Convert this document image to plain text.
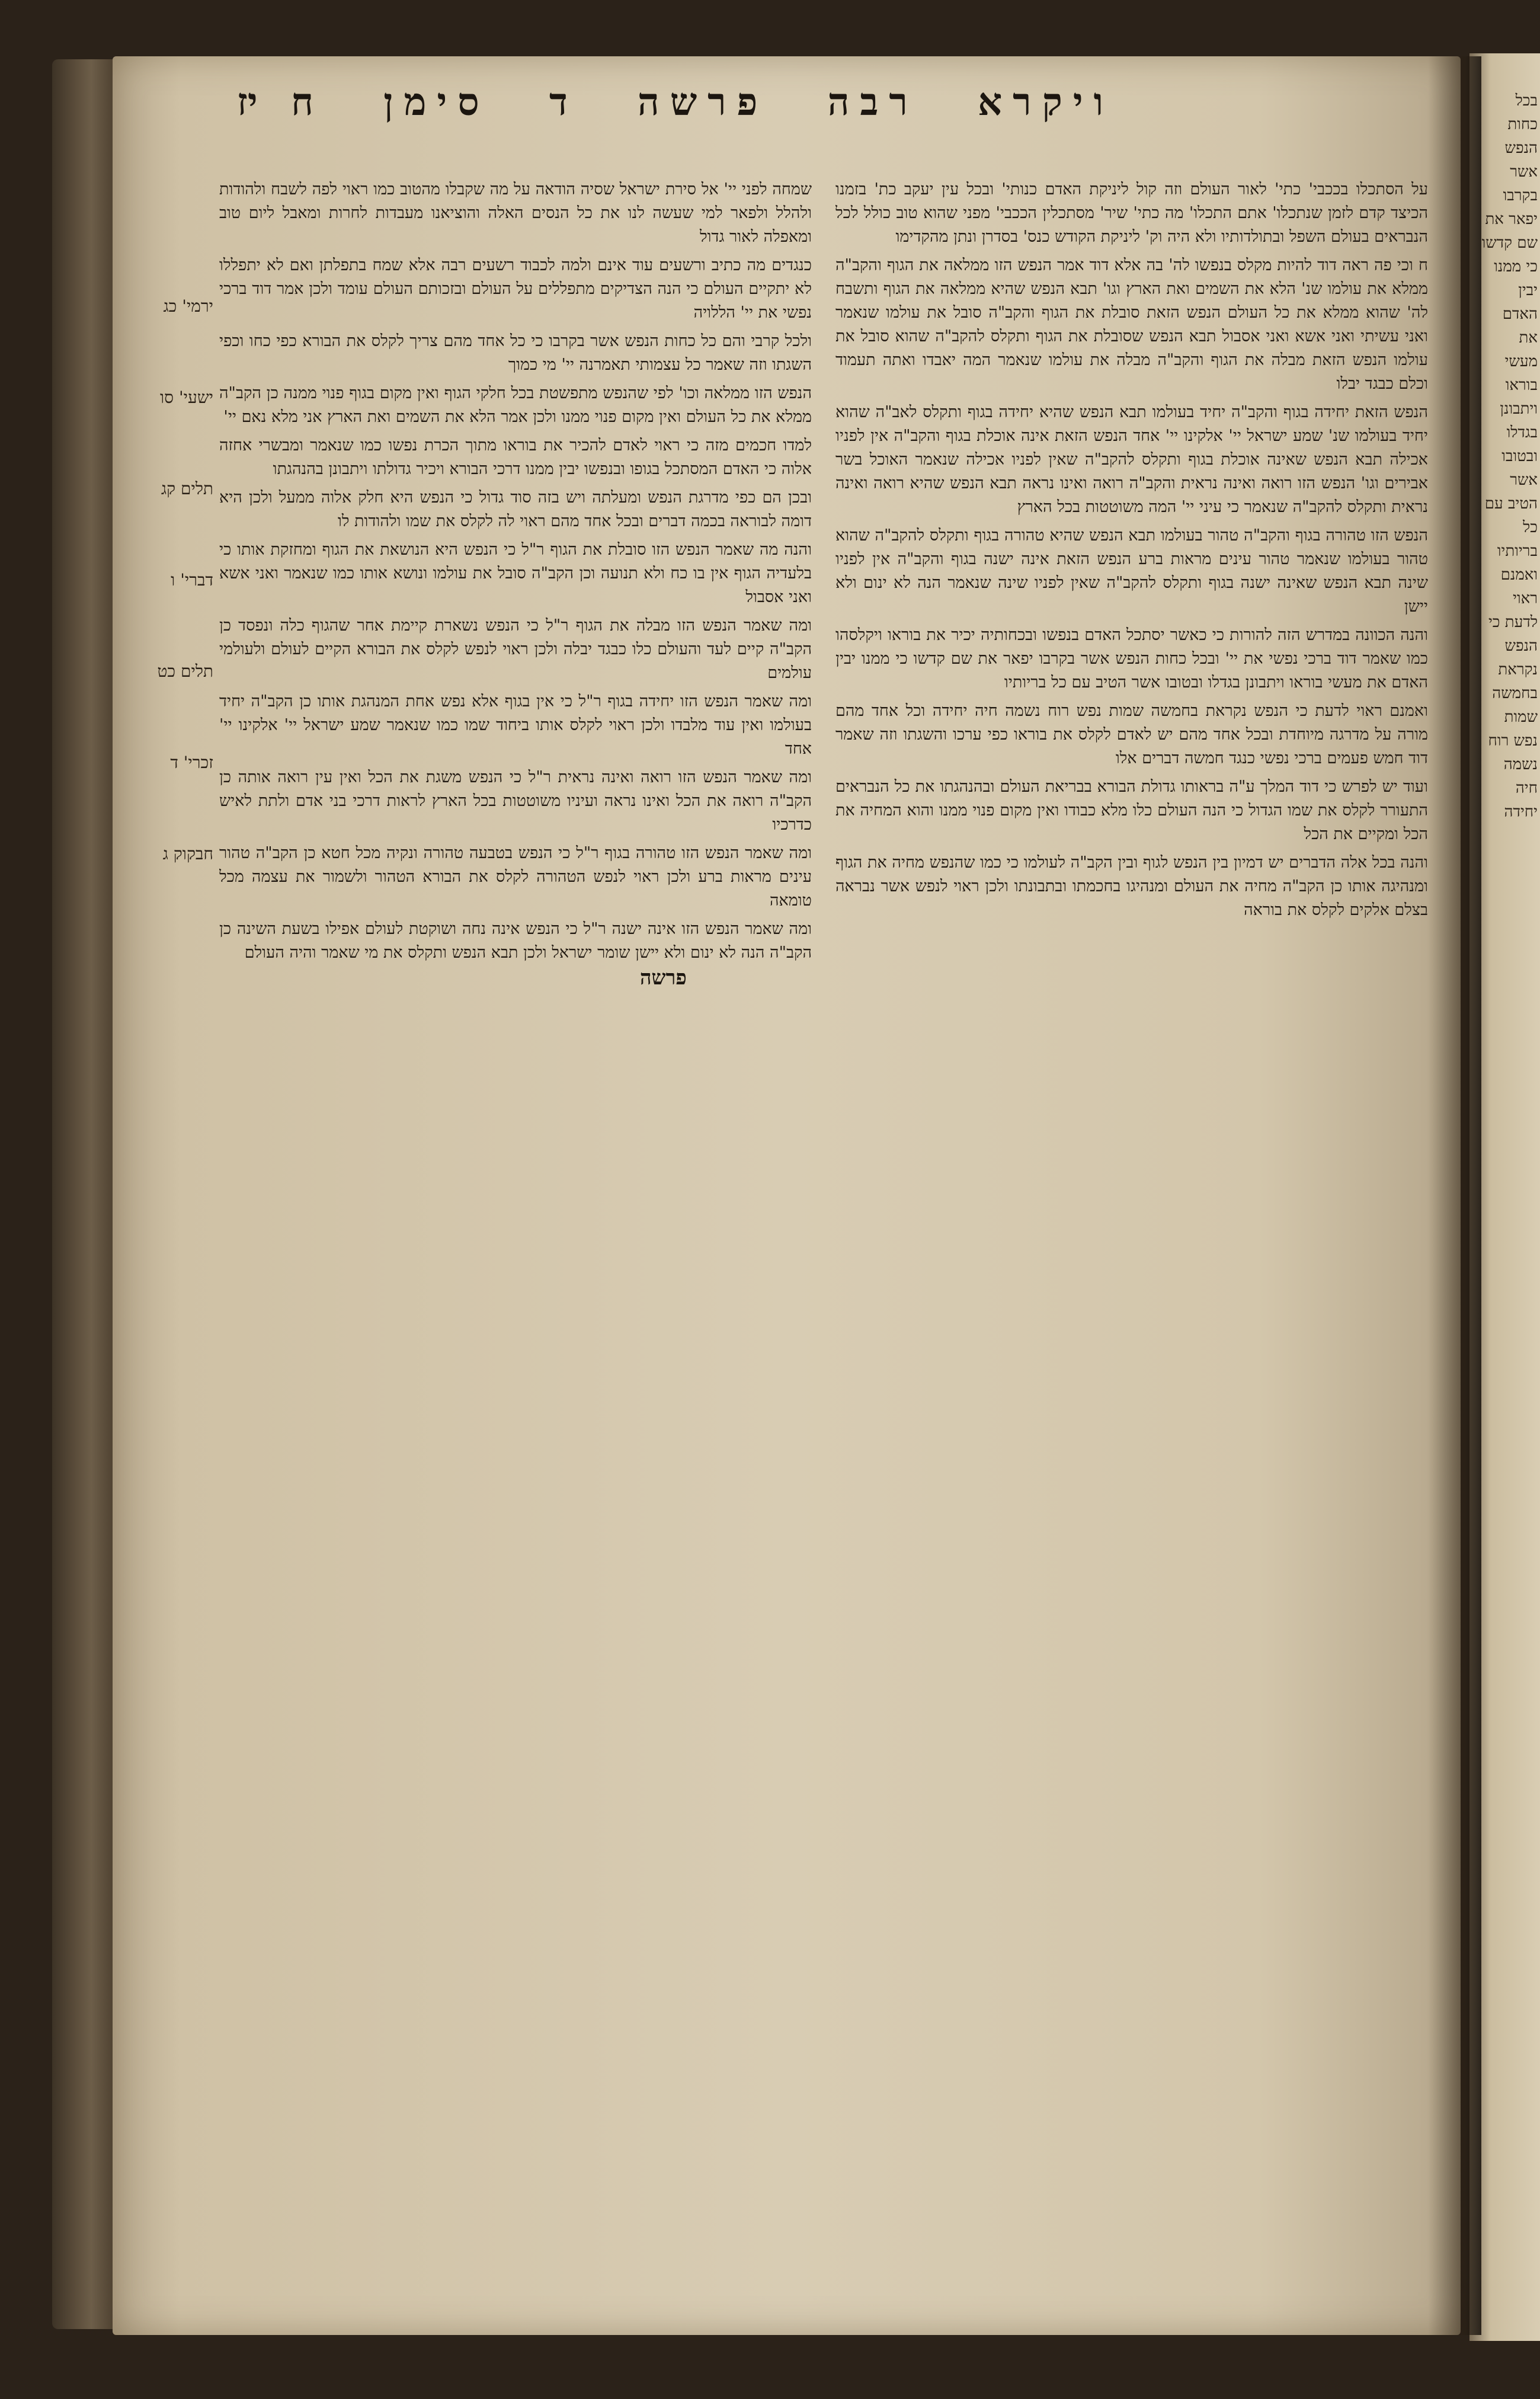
ויקרא רבה פרשה ד סימן ח
יז

על הסתכלו בככבי' כתי' לאור העולם וזה קול ליניקת האדם כנותי' ובכל עין יעקב כת' בזמנו הכיצד קדם לזמן שנתכלו' אתם התכלו' מה כתי' שיר' מסתכלין הככבי' מפני שהוא טוב כולל לכל הנבראים בעולם השפל ובתולדותיו ולא היה וק' ליניקת הקודש כנס' בסדרן ונתן מהקדימו

ח וכי פה ראה דוד להיות מקלס בנפשו לה' בה אלא דוד אמר הנפש הזו ממלאה את הגוף והקב"ה ממלא את עולמו שנ' הלא את השמים ואת הארץ וגו' תבא הנפש שהיא ממלאה את הגוף ותשבח לה' שהוא ממלא את כל העולם הנפש הזאת סובלת את הגוף והקב"ה סובל את עולמו שנאמר ואני עשיתי ואני אשא ואני אסבול תבא הנפש שסובלת את הגוף ותקלס להקב"ה שהוא סובל את עולמו הנפש הזאת מבלה את הגוף והקב"ה מבלה את עולמו שנאמר המה יאבדו ואתה תעמוד וכלם כבגד יבלו

הנפש הזאת יחידה בגוף והקב"ה יחיד בעולמו תבא הנפש שהיא יחידה בגוף ותקלס לאב"ה שהוא יחיד בעולמו שנ' שמע ישראל יי' אלקינו יי' אחד הנפש הזאת אינה אוכלת בגוף והקב"ה אין לפניו אכילה תבא הנפש שאינה אוכלת בגוף ותקלס להקב"ה שאין לפניו אכילה שנאמר האוכל בשר אבירים וגו' הנפש הזו רואה ואינה נראית והקב"ה רואה ואינו נראה תבא הנפש שהיא רואה ואינה נראית ותקלס להקב"ה שנאמר כי עיני יי' המה משוטטות בכל הארץ

הנפש הזו טהורה בגוף והקב"ה טהור בעולמו תבא הנפש שהיא טהורה בגוף ותקלס להקב"ה שהוא טהור בעולמו שנאמר טהור עינים מראות ברע הנפש הזאת אינה ישנה בגוף והקב"ה אין לפניו שינה תבא הנפש שאינה ישנה בגוף ותקלס להקב"ה שאין לפניו שינה שנאמר הנה לא ינום ולא יישן

והנה הכוונה במדרש הזה להורות כי כאשר יסתכל האדם בנפשו ובכחותיה יכיר את בוראו ויקלסהו כמו שאמר דוד ברכי נפשי את יי' ובכל כחות הנפש אשר בקרבו יפאר את שם קדשו כי ממנו יבין האדם את מעשי בוראו ויתבונן בגדלו ובטובו אשר הטיב עם כל בריותיו

ואמנם ראוי לדעת כי הנפש נקראת בחמשה שמות נפש רוח נשמה חיה יחידה וכל אחד מהם מורה על מדרגה מיוחדת ובכל אחד מהם יש לאדם לקלס את בוראו כפי ערכו והשגתו וזה שאמר דוד חמש פעמים ברכי נפשי כנגד חמשה דברים אלו

ועוד יש לפרש כי דוד המלך ע"ה בראותו גדולת הבורא בבריאת העולם ובהנהגתו את כל הנבראים התעורר לקלס את שמו הגדול כי הנה העולם כלו מלא כבודו ואין מקום פנוי ממנו והוא המחיה את הכל ומקיים את הכל

והנה בכל אלה הדברים יש דמיון בין הנפש לגוף ובין הקב"ה לעולמו כי כמו שהנפש מחיה את הגוף ומנהיגה אותו כן הקב"ה מחיה את העולם ומנהיגו בחכמתו ובתבונתו ולכן ראוי לנפש אשר נבראה בצלם אלקים לקלס את בוראה

שמחה לפני יי' אל סירת ישראל שסיה הודאה על מה שקבלו מהטוב כמו ראוי לפה לשבח ולהודות ולהלל ולפאר למי שעשה לנו את כל הנסים האלה והוציאנו מעבדות לחרות ומאבל ליום טוב ומאפלה לאור גדול

כנגדים מה כתיב ורשעים עוד אינם ולמה לכבוד רשעים רבה אלא שמח בתפלתן ואם לא יתפללו לא יתקיים העולם כי הנה הצדיקים מתפללים על העולם ובזכותם העולם עומד ולכן אמר דוד ברכי נפשי את יי' הללויה

ולכל קרבי והם כל כחות הנפש אשר בקרבו כי כל אחד מהם צריך לקלס את הבורא כפי כחו וכפי השגתו וזה שאמר כל עצמותי תאמרנה יי' מי כמוך

הנפש הזו ממלאה וכו' לפי שהנפש מתפשטת בכל חלקי הגוף ואין מקום בגוף פנוי ממנה כן הקב"ה ממלא את כל העולם ואין מקום פנוי ממנו ולכן אמר הלא את השמים ואת הארץ אני מלא נאם יי'

למדו חכמים מזה כי ראוי לאדם להכיר את בוראו מתוך הכרת נפשו כמו שנאמר ומבשרי אחזה אלוה כי האדם המסתכל בגופו ובנפשו יבין ממנו דרכי הבורא ויכיר גדולתו ויתבונן בהנהגתו

ובכן הם כפי מדרגת הנפש ומעלתה ויש בזה סוד גדול כי הנפש היא חלק אלוה ממעל ולכן היא דומה לבוראה בכמה דברים ובכל אחד מהם ראוי לה לקלס את שמו ולהודות לו

והנה מה שאמר הנפש הזו סובלת את הגוף ר"ל כי הנפש היא הנושאת את הגוף ומחזקת אותו כי בלעדיה הגוף אין בו כח ולא תנועה וכן הקב"ה סובל את עולמו ונושא אותו כמו שנאמר ואני אשא ואני אסבול

ומה שאמר הנפש הזו מבלה את הגוף ר"ל כי הנפש נשארת קיימת אחר שהגוף כלה ונפסד כן הקב"ה קיים לעד והעולם כלו כבגד יבלה ולכן ראוי לנפש לקלס את הבורא הקיים לעולם ולעולמי עולמים

ומה שאמר הנפש הזו יחידה בגוף ר"ל כי אין בגוף אלא נפש אחת המנהגת אותו כן הקב"ה יחיד בעולמו ואין עוד מלבדו ולכן ראוי לקלס אותו ביחוד שמו כמו שנאמר שמע ישראל יי' אלקינו יי' אחד

ומה שאמר הנפש הזו רואה ואינה נראית ר"ל כי הנפש משגת את הכל ואין עין רואה אותה כן הקב"ה רואה את הכל ואינו נראה ועיניו משוטטות בכל הארץ לראות דרכי בני אדם ולתת לאיש כדרכיו

ומה שאמר הנפש הזו טהורה בגוף ר"ל כי הנפש בטבעה טהורה ונקיה מכל חטא כן הקב"ה טהור עינים מראות ברע ולכן ראוי לנפש הטהורה לקלס את הבורא הטהור ולשמור את עצמה מכל טומאה

ומה שאמר הנפש הזו אינה ישנה ר"ל כי הנפש אינה נחה ושוקטת לעולם אפילו בשעת השינה כן הקב"ה הנה לא ינום ולא יישן שומר ישראל ולכן תבא הנפש ותקלס את מי שאמר והיה העולם

פרשה
ירמי' כג
ישעי' סו
תלים קג
דברי' ו
תלים כט
זכרי' ד
חבקוק ג
בכל כחות הנפש אשר בקרבו יפאר את שם קדשו כי ממנו יבין האדם את מעשי בוראו ויתבונן בגדלו ובטובו אשר הטיב עם כל בריותיו ואמנם ראוי לדעת כי הנפש נקראת בחמשה שמות נפש רוח נשמה חיה יחידה
